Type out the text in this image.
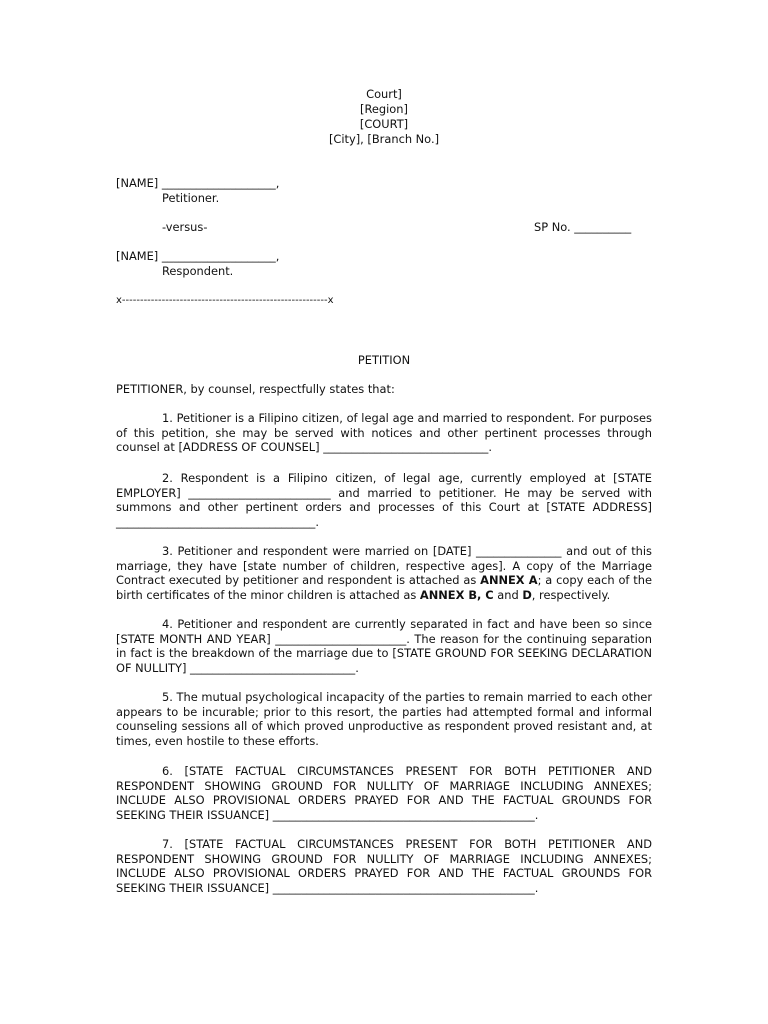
Court]
[Region]
[COURT]
[City], [Branch No.]
[NAME] ____________________,
Petitioner.
-versus-	SP No. __________
[NAME] ____________________,
Respondent.
x---------------------------------------------------------x
PETITION
PETITIONER, by counsel, respectfully states that:
1. Petitioner is a Filipino citizen, of legal age and married to respondent. For purposes of this petition, she may be served with notices and other pertinent processes through counsel at [ADDRESS OF COUNSEL] _____________________________.
2. Respondent is a Filipino citizen, of legal age, currently employed at [STATE EMPLOYER] _________________________ and married to petitioner. He may be served with summons and other pertinent orders and processes of this Court at [STATE ADDRESS] ___________________________________.
3. Petitioner and respondent were married on [DATE] _______________ and out of this marriage, they have [state number of children, respective ages]. A copy of the Marriage Contract executed by petitioner and respondent is attached as ANNEX A; a copy each of the birth certificates of the minor children is attached as ANNEX B, C and D, respectively.
4. Petitioner and respondent are currently separated in fact and have been so since [STATE MONTH AND YEAR] _______________________. The reason for the continuing separation in fact is the breakdown of the marriage due to [STATE GROUND FOR SEEKING DECLARATION OF NULLITY] _____________________________.
5. The mutual psychological incapacity of the parties to remain married to each other appears to be incurable; prior to this resort, the parties had attempted formal and informal counseling sessions all of which proved unproductive as respondent proved resistant and, at times, even hostile to these efforts.
6. [STATE FACTUAL CIRCUMSTANCES PRESENT FOR BOTH PETITIONER AND RESPONDENT SHOWING GROUND FOR NULLITY OF MARRIAGE INCLUDING ANNEXES; INCLUDE ALSO PROVISIONAL ORDERS PRAYED FOR AND THE FACTUAL GROUNDS FOR SEEKING THEIR ISSUANCE] ______________________________________________.
7. [STATE FACTUAL CIRCUMSTANCES PRESENT FOR BOTH PETITIONER AND RESPONDENT SHOWING GROUND FOR NULLITY OF MARRIAGE INCLUDING ANNEXES; INCLUDE ALSO PROVISIONAL ORDERS PRAYED FOR AND THE FACTUAL GROUNDS FOR SEEKING THEIR ISSUANCE] ______________________________________________.
